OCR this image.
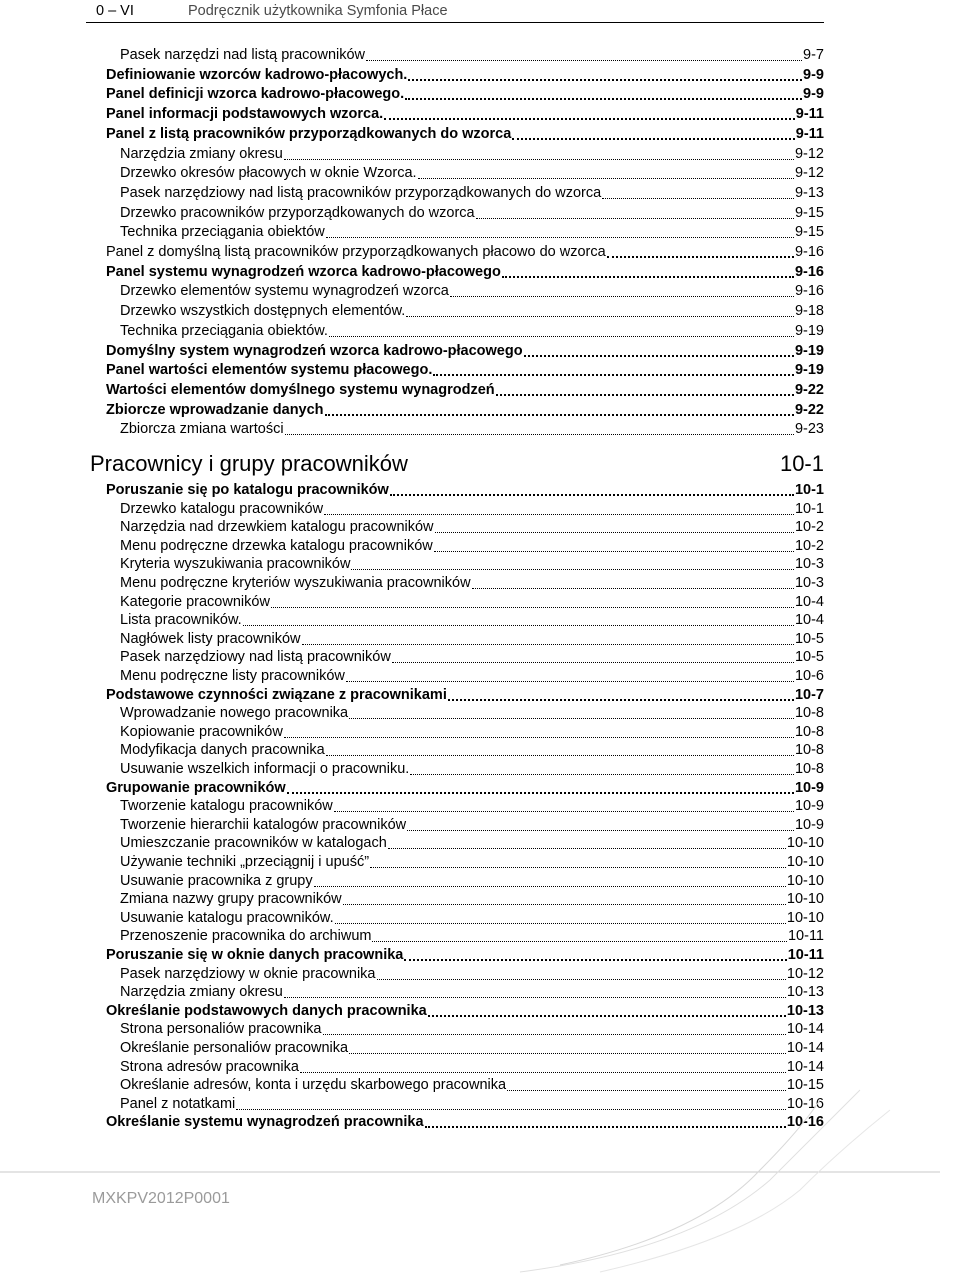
0 – VI	Podręcznik użytkownika Symfonia Płace
Pasek narzędzi nad listą pracowników	9-7
Definiowanie wzorców kadrowo-płacowych.	9-9
Panel definicji wzorca kadrowo-płacowego.	9-9
Panel informacji podstawowych wzorca.	9-11
Panel z listą pracowników przyporządkowanych do wzorca	9-11
Narzędzia zmiany okresu	9-12
Drzewko okresów płacowych w oknie Wzorca.	9-12
Pasek narzędziowy nad listą pracowników przyporządkowanych do wzorca	9-13
Drzewko pracowników przyporządkowanych do wzorca	9-15
Technika przeciągania obiektów	9-15
Panel z domyślną listą pracowników przyporządkowanych płacowo do wzorca	9-16
Panel systemu wynagrodzeń wzorca kadrowo-płacowego	9-16
Drzewko elementów systemu wynagrodzeń wzorca	9-16
Drzewko wszystkich dostępnych elementów.	9-18
Technika przeciągania obiektów.	9-19
Domyślny system wynagrodzeń wzorca kadrowo-płacowego	9-19
Panel wartości elementów systemu płacowego.	9-19
Wartości elementów domyślnego systemu wynagrodzeń	9-22
Zbiorcze wprowadzanie danych	9-22
Zbiorcza zmiana wartości	9-23
Pracownicy i grupy pracowników	10-1
Poruszanie się po katalogu pracowników	10-1
Drzewko katalogu pracowników	10-1
Narzędzia nad drzewkiem katalogu pracowników	10-2
Menu podręczne drzewka katalogu pracowników	10-2
Kryteria wyszukiwania pracowników	10-3
Menu podręczne kryteriów wyszukiwania pracowników	10-3
Kategorie pracowników	10-4
Lista pracowników.	10-4
Nagłówek listy pracowników	10-5
Pasek narzędziowy nad listą pracowników	10-5
Menu podręczne listy pracowników	10-6
Podstawowe czynności związane z pracownikami	10-7
Wprowadzanie nowego pracownika	10-8
Kopiowanie pracowników	10-8
Modyfikacja danych pracownika	10-8
Usuwanie wszelkich informacji o pracowniku.	10-8
Grupowanie pracowników	10-9
Tworzenie katalogu pracowników	10-9
Tworzenie hierarchii katalogów pracowników	10-9
Umieszczanie pracowników w katalogach	10-10
Używanie techniki „przeciągnij i upuść”	10-10
Usuwanie pracownika z grupy	10-10
Zmiana nazwy grupy pracowników	10-10
Usuwanie katalogu pracowników.	10-10
Przenoszenie pracownika do archiwum	10-11
Poruszanie się w oknie danych pracownika	10-11
Pasek narzędziowy w oknie pracownika	10-12
Narzędzia zmiany okresu	10-13
Określanie podstawowych danych pracownika	10-13
Strona personaliów pracownika	10-14
Określanie personaliów pracownika	10-14
Strona adresów pracownika	10-14
Określanie adresów, konta i urzędu skarbowego pracownika	10-15
Panel z notatkami	10-16
Określanie systemu wynagrodzeń pracownika	10-16
MXKPV2012P0001
